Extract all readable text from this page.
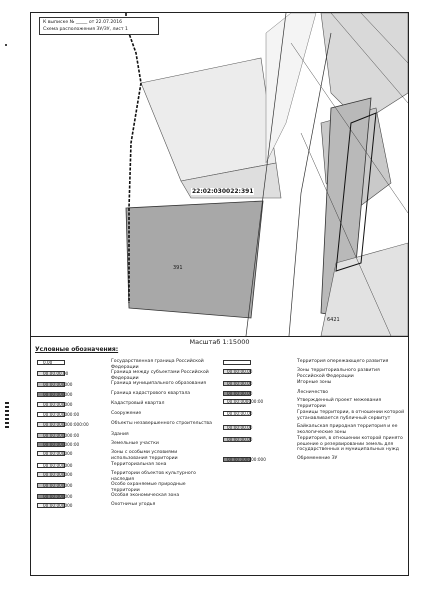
К выписке № _____ от 22.07.2016
Схема расположения ЗУ/ЗУ, лист 1
22:02:030022:391
391
6421
Масштаб 1:15000
Условные обозначения:
0.00	Государственная граница Российской Федерации
00.00.00.00	Граница между субъектами Российской Федерации
00:00:000000	Граница муниципального образования
00:00:000000	Граница кадастрового квартала
00:00:000000	Кадастровый квартал
00:00:000000:00	Сооружение
00:00:000000:000:00	Объекты незавершенного строительства
00:00:000000:00	Здания
00:00:000000:00	Земельные участки
00:00:000000	Зоны с особыми условиями использования территории
00:00:000000	Территориальная зона
00:00:000000	Территории объектов культурного наследия
00:00:000000	Особо охраняемые природные территории
00:00:000000	Особая экономическая зона
00:00:000000	Охотничьи угодья
Территория опережающего развития
00:00:00.00	Зоны территориального развития Российской Федерации
00:00:00.00	Игорные зоны
00:00:00.00	Лесничество
00:00:000000:00	Утвержденный проект межевания территории
00:00:00.00	Границы территории, в отношении которой устанавливается публичный сервитут
00:00:00.00	Байкальская природная территория и ее экологические зоны
00:00:00.00	Территория, в отношении которой принято решение о резервировании земель для государственных и муниципальных нужд
00:00:000000:000	Обременение ЗУ
